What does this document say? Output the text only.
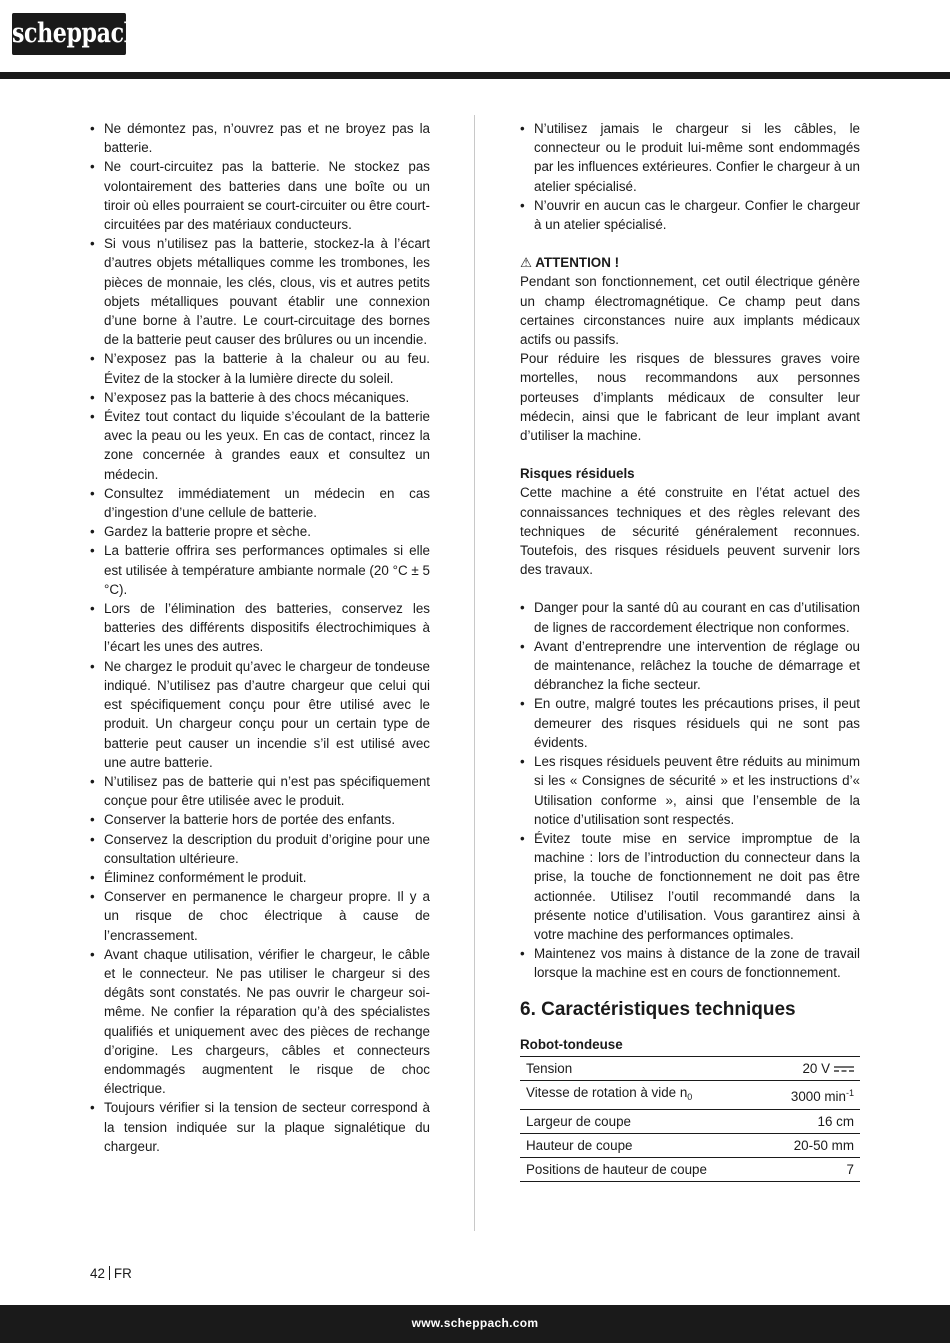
scheppach
• Ne démontez pas, n’ouvrez pas et ne broyez pas la batterie.
• Ne court-circuitez pas la batterie. Ne stockez pas volontairement des batteries dans une boîte ou un tiroir où elles pourraient se court-circuiter ou être court-circuitées par des matériaux conducteurs.
• Si vous n’utilisez pas la batterie, stockez-la à l’écart d’autres objets métalliques comme les trombones, les pièces de monnaie, les clés, clous, vis et autres petits objets métalliques pouvant établir une connexion d’une borne à l’autre. Le court-circuitage des bornes de la batterie peut causer des brûlures ou un incendie.
• N’exposez pas la batterie à la chaleur ou au feu. Évitez de la stocker à la lumière directe du soleil.
• N’exposez pas la batterie à des chocs mécaniques.
• Évitez tout contact du liquide s’écoulant de la batterie avec la peau ou les yeux. En cas de contact, rincez la zone concernée à grandes eaux et consultez un médecin.
• Consultez immédiatement un médecin en cas d’ingestion d’une cellule de batterie.
• Gardez la batterie propre et sèche.
• La batterie offrira ses performances optimales si elle est utilisée à température ambiante normale (20 °C ± 5 °C).
• Lors de l’élimination des batteries, conservez les batteries des différents dispositifs électrochimiques à l’écart les unes des autres.
• Ne chargez le produit qu’avec le chargeur de tondeuse indiqué. N’utilisez pas d’autre chargeur que celui qui est spécifiquement conçu pour être utilisé avec le produit. Un chargeur conçu pour un certain type de batterie peut causer un incendie s’il est utilisé avec une autre batterie.
• N’utilisez pas de batterie qui n’est pas spécifiquement conçue pour être utilisée avec le produit.
• Conserver la batterie hors de portée des enfants.
• Conservez la description du produit d’origine pour une consultation ultérieure.
• Éliminez conformément le produit.
• Conserver en permanence le chargeur propre. Il y a un risque de choc électrique à cause de l’encrassement.
• Avant chaque utilisation, vérifier le chargeur, le câble et le connecteur. Ne pas utiliser le chargeur si des dégâts sont constatés. Ne pas ouvrir le chargeur soi-même. Ne confier la réparation qu’à des spécialistes qualifiés et uniquement avec des pièces de rechange d’origine. Les chargeurs, câbles et connecteurs endommagés augmentent le risque de choc électrique.
• Toujours vérifier si la tension de secteur correspond à la tension indiquée sur la plaque signalétique du chargeur.
• N’utilisez jamais le chargeur si les câbles, le connecteur ou le produit lui-même sont endommagés par les influences extérieures. Confier le chargeur à un atelier spécialisé.
• N’ouvrir en aucun cas le chargeur. Confier le chargeur à un atelier spécialisé.

⚠ ATTENTION !

Pendant son fonctionnement, cet outil électrique génère un champ électromagnétique. Ce champ peut dans certaines circonstances nuire aux implants médicaux actifs ou passifs.

Pour réduire les risques de blessures graves voire mortelles, nous recommandons aux personnes porteuses d’implants médicaux de consulter leur médecin, ainsi que le fabricant de leur implant avant d’utiliser la machine.

Risques résiduels

Cette machine a été construite en l’état actuel des connaissances techniques et des règles relevant des techniques de sécurité généralement reconnues. Toutefois, des risques résiduels peuvent survenir lors des travaux.

• Danger pour la santé dû au courant en cas d’utilisation de lignes de raccordement électrique non conformes.
• Avant d’entreprendre une intervention de réglage ou de maintenance, relâchez la touche de démarrage et débranchez la fiche secteur.
• En outre, malgré toutes les précautions prises, il peut demeurer des risques résiduels qui ne sont pas évidents.
• Les risques résiduels peuvent être réduits au minimum si les « Consignes de sécurité » et les instructions d’« Utilisation conforme », ainsi que l’ensemble de la notice d’utilisation sont respectés.
• Évitez toute mise en service impromptue de la machine : lors de l’introduction du connecteur dans la prise, la touche de fonctionnement ne doit pas être actionnée. Utilisez l’outil recommandé dans la présente notice d’utilisation. Vous garantirez ainsi à votre machine des performances optimales.
• Maintenez vos mains à distance de la zone de travail lorsque la machine est en cours de fonctionnement.
6. Caractéristiques techniques

Robot-tondeuse

Tension	20 V
Vitesse de rotation à vide $n_0$	3000 $\min^{-1}$
Largeur de coupe	16 cm
Hauteur de coupe	20-50 mm
Positions de hauteur de coupe	7
42 FR
www.scheppach.com
